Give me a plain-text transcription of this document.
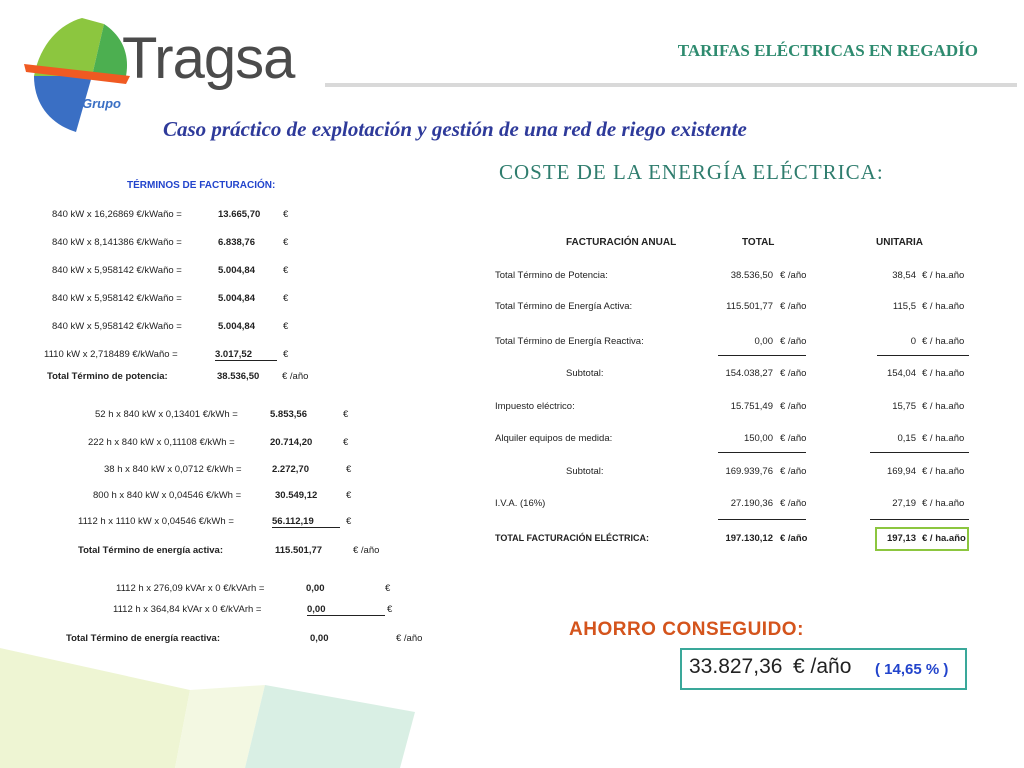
Tragsa
Grupo
TARIFAS ELÉCTRICAS EN REGADÍO
Caso práctico de explotación y gestión de una red de riego existente
COSTE DE LA ENERGÍA ELÉCTRICA:
TÉRMINOS DE FACTURACIÓN:
840 kW x 16,26869 €/kWaño =	13.665,70 €
840 kW x 8,141386 €/kWaño =	6.838,76	€
840 kW x 5,958142 €/kWaño =	5.004,84	€
840 kW x 5,958142 €/kWaño =	5.004,84	€
840 kW x 5,958142 €/kWaño =	5.004,84	€
1110 kW x 2,718489 €/kWaño =	3.017,52	€
Total Término de potencia:	38.536,50 € /año
52 h x 840 kW x 0,13401 €/kWh =	5.853,56	€
222 h x 840 kW x 0,11108 €/kWh =	20.714,20	€
38 h x 840 kW x 0,0712 €/kWh =	2.272,70	€
800 h x 840 kW x 0,04546 €/kWh =	30.549,12	€
1112 h x 1110 kW x 0,04546 €/kWh =	56.112,19	€
Total Término de energía activa:	115.501,77	€ /año
1112 h x 276,09 kVAr x 0 €/kVArh =	0,00	€
1112 h x 364,84 kVAr x 0 €/kVArh =	0,00	€
Total Término de energía reactiva:	0,00	€ /año
FACTURACIÓN ANUAL	TOTAL	UNITARIA
Total Término de Potencia:	38.536,50 € /año	38,54 € / ha.año
Total Término de Energía Activa:	115.501,77 € /año	115,5 € / ha.año
Total Término de Energía Reactiva:	0,00 € /año	0 € / ha.año
Subtotal:	154.038,27 € /año	154,04 € / ha.año
Impuesto eléctrico:	15.751,49 € /año	15,75 € / ha.año
Alquiler equipos de medida:	150,00 € /año	0,15 € / ha.año
Subtotal:	169.939,76 € /año	169,94 € / ha.año
I.V.A. (16%)	27.190,36 € /año	27,19 € / ha.año
TOTAL FACTURACIÓN ELÉCTRICA:	197.130,12 € /año	197,13 € / ha.año
AHORRO CONSEGUIDO:
33.827,36 € /año ( 14,65 % )
